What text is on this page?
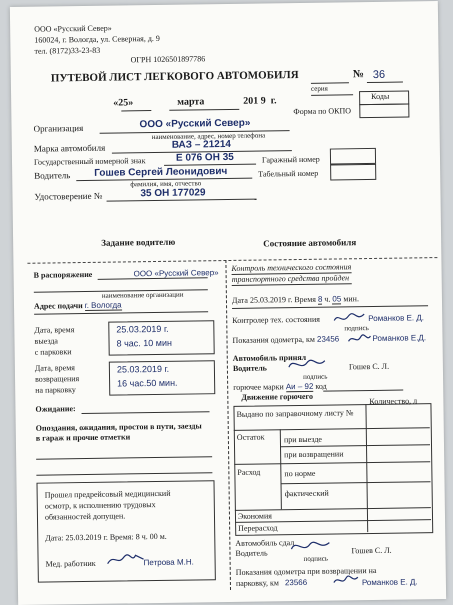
ООО «Русский Север»
160024, г. Вологда, ул. Северная, д. 9
тел. (8172)33-23-83
ОГРН 1026501897786
ПУТЕВОЙ ЛИСТ ЛЕГКОВОГО АВТОМОБИЛЯ	№ 36
серия
Коды
Форма по ОКПО
«25»	марта	201 9 г.
Организация	ООО «Русский Север»
наименование, адрес, номер телефона
Марка автомобиля	ВАЗ – 21214
Государственный номерной знак	Е 076 ОН 35	Гаражный номер
Водитель Гошев Сергей Леонидович
фамилия, имя, отчество
Табельный номер
Удостоверение №	35 ОН 177029
Задание водителю	Состояние автомобиля
В распоряжение	ООО «Русский Север»
наименование организации
Адрес подачи г. Вологда
Дата, время
выезда
с парковки
25.03.2019 г.
8 час. 10 мин
Дата, время
возвращения
на парковку
25.03.2019 г.
16 час.50 мин.
Ожидание:
Опоздания, ожидания, простои в пути, заезды
в гараж и прочие отметки
Прошел предрейсовый медицинский
осмотр, к исполнению трудовых
обязанностей допущен.
Дата: 25.03.2019 г. Время: 8 ч. 00 м.
Мед. работник	Петрова М.Н.
Контроль технического состояния
транспортного средства пройден
Дата 25.03.2019 г. Время 8 ч. 05 мин.
Контролер тех. состояния	Романков Е. Д.
подпись
Показания одометра, км 23456	Романков Е.Д.
Автомобиль принял
Водитель
подпись
Гошев С. Л.
горючее марки Аи – 92 код
Движение горючего	Количество, л
Выдано по заправочному листу №
Остаток при выезде
при возвращении
Расход	по норме
фактический
Экономия
Перерасход
Автомобиль сдал
Водитель
подпись
Гошев С. Л.
Показания одометра при возвращении на
парковку, км 23566	Романков Е. Д.
